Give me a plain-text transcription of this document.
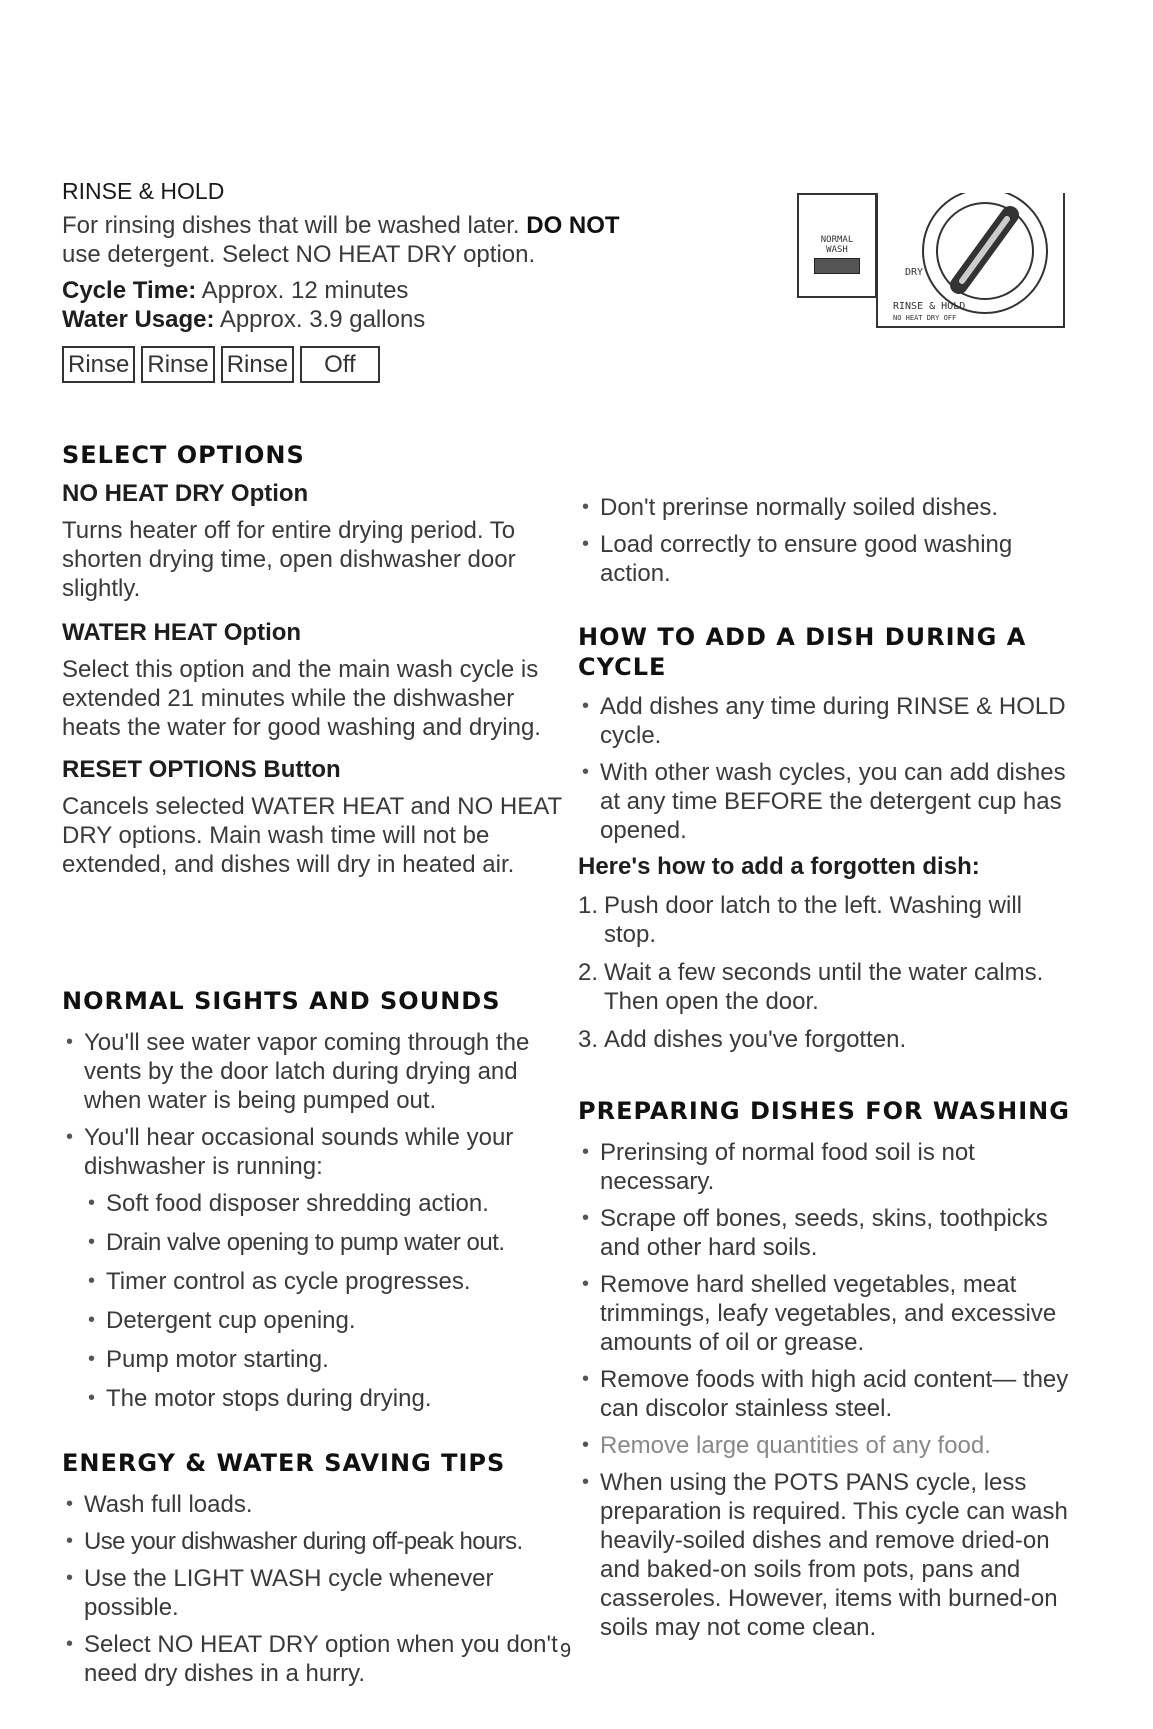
RINSE & HOLD

For rinsing dishes that will be washed later. DO NOT
use detergent. Select NO HEAT DRY option.

Cycle Time: Approx. 12 minutes

Water Usage: Approx. 3.9 gallons

Rinse Rinse Rinse Off
NORMAL
WASH
DRY
RINSE & HOLD
NO HEAT DRY OFF
SELECT OPTIONS
NO HEAT DRY Option

Turns heater off for entire drying period. To shorten drying time, open dishwasher door slightly.

WATER HEAT Option

Select this option and the main wash cycle is extended 21 minutes while the dishwasher heats the water for good washing and drying.

RESET OPTIONS Button

Cancels selected WATER HEAT and NO HEAT DRY options. Main wash time will not be extended, and dishes will dry in heated air.

NORMAL SIGHTS AND SOUNDS
• You'll see water vapor coming through the vents by the door latch during drying and when water is being pumped out.
• You'll hear occasional sounds while your dishwasher is running:
• Soft food disposer shredding action.
• Drain valve opening to pump water out.
• Timer control as cycle progresses.
• Detergent cup opening.
• Pump motor starting.
• The motor stops during drying.
ENERGY & WATER SAVING TIPS
• Wash full loads.
• Use your dishwasher during off-peak hours.
• Use the LIGHT WASH cycle whenever possible.
• Select NO HEAT DRY option when you don't need dry dishes in a hurry.
• Don't prerinse normally soiled dishes.
• Load correctly to ensure good washing action.
HOW TO ADD A DISH DURING A CYCLE
• Add dishes any time during RINSE & HOLD cycle.
• With other wash cycles, you can add dishes at any time BEFORE the detergent cup has opened.
Here's how to add a forgotten dish:
1. Push door latch to the left. Washing will stop.
2. Wait a few seconds until the water calms. Then open the door.
3. Add dishes you've forgotten.
PREPARING DISHES FOR WASHING
• Prerinsing of normal food soil is not necessary.
• Scrape off bones, seeds, skins, toothpicks and other hard soils.
• Remove hard shelled vegetables, meat trimmings, leafy vegetables, and excessive amounts of oil or grease.
• Remove foods with high acid content— they can discolor stainless steel.
• Remove large quantities of any food.
• When using the POTS PANS cycle, less preparation is required. This cycle can wash heavily-soiled dishes and remove dried-on and baked-on soils from pots, pans and casseroles. However, items with burned-on soils may not come clean.
9
